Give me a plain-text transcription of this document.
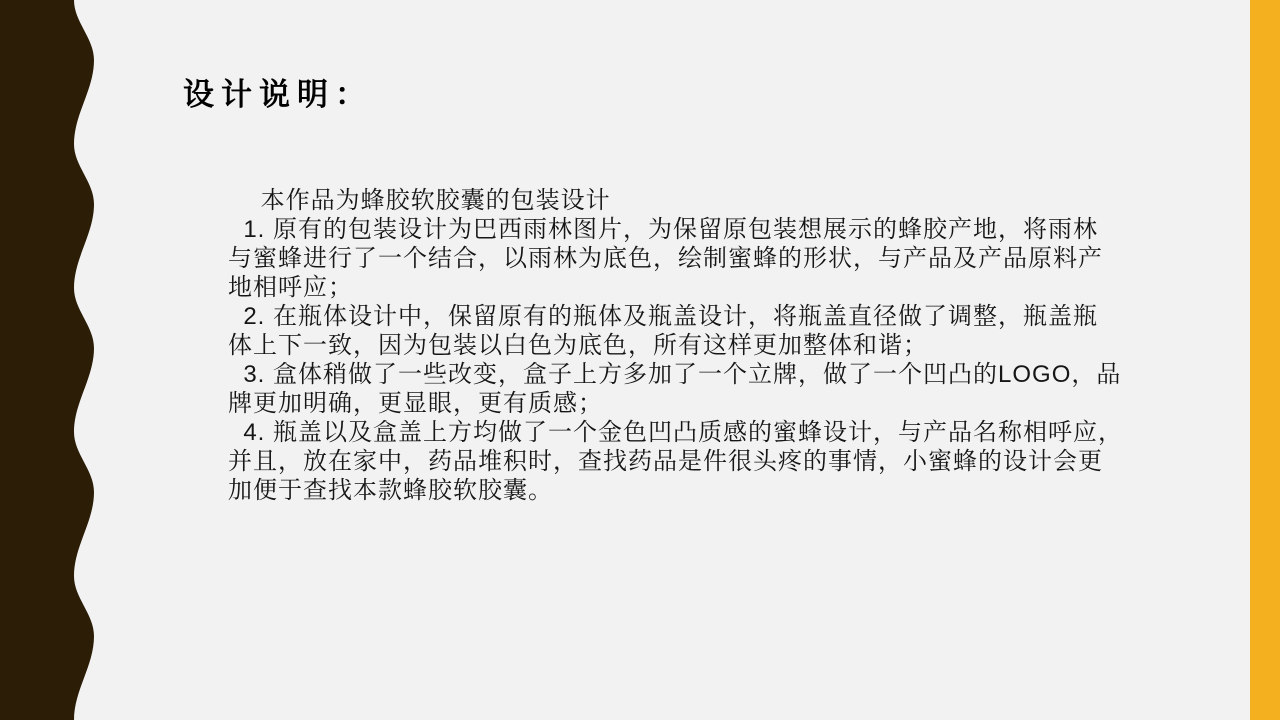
设计说明：
　 本作品为蜂胶软胶囊的包装设计
1. 原有的包装设计为巴西雨林图片，为保留原包装想展示的蜂胶产地，将雨林
与蜜蜂进行了一个结合，以雨林为底色，绘制蜜蜂的形状，与产品及产品原料产
地相呼应；
2. 在瓶体设计中，保留原有的瓶体及瓶盖设计，将瓶盖直径做了调整，瓶盖瓶
体上下一致，因为包装以白色为底色，所有这样更加整体和谐；
3. 盒体稍做了一些改变，盒子上方多加了一个立牌，做了一个凹凸的LOGO，品
牌更加明确，更显眼，更有质感；
4. 瓶盖以及盒盖上方均做了一个金色凹凸质感的蜜蜂设计，与产品名称相呼应，
并且，放在家中，药品堆积时，查找药品是件很头疼的事情，小蜜蜂的设计会更
加便于查找本款蜂胶软胶囊。
